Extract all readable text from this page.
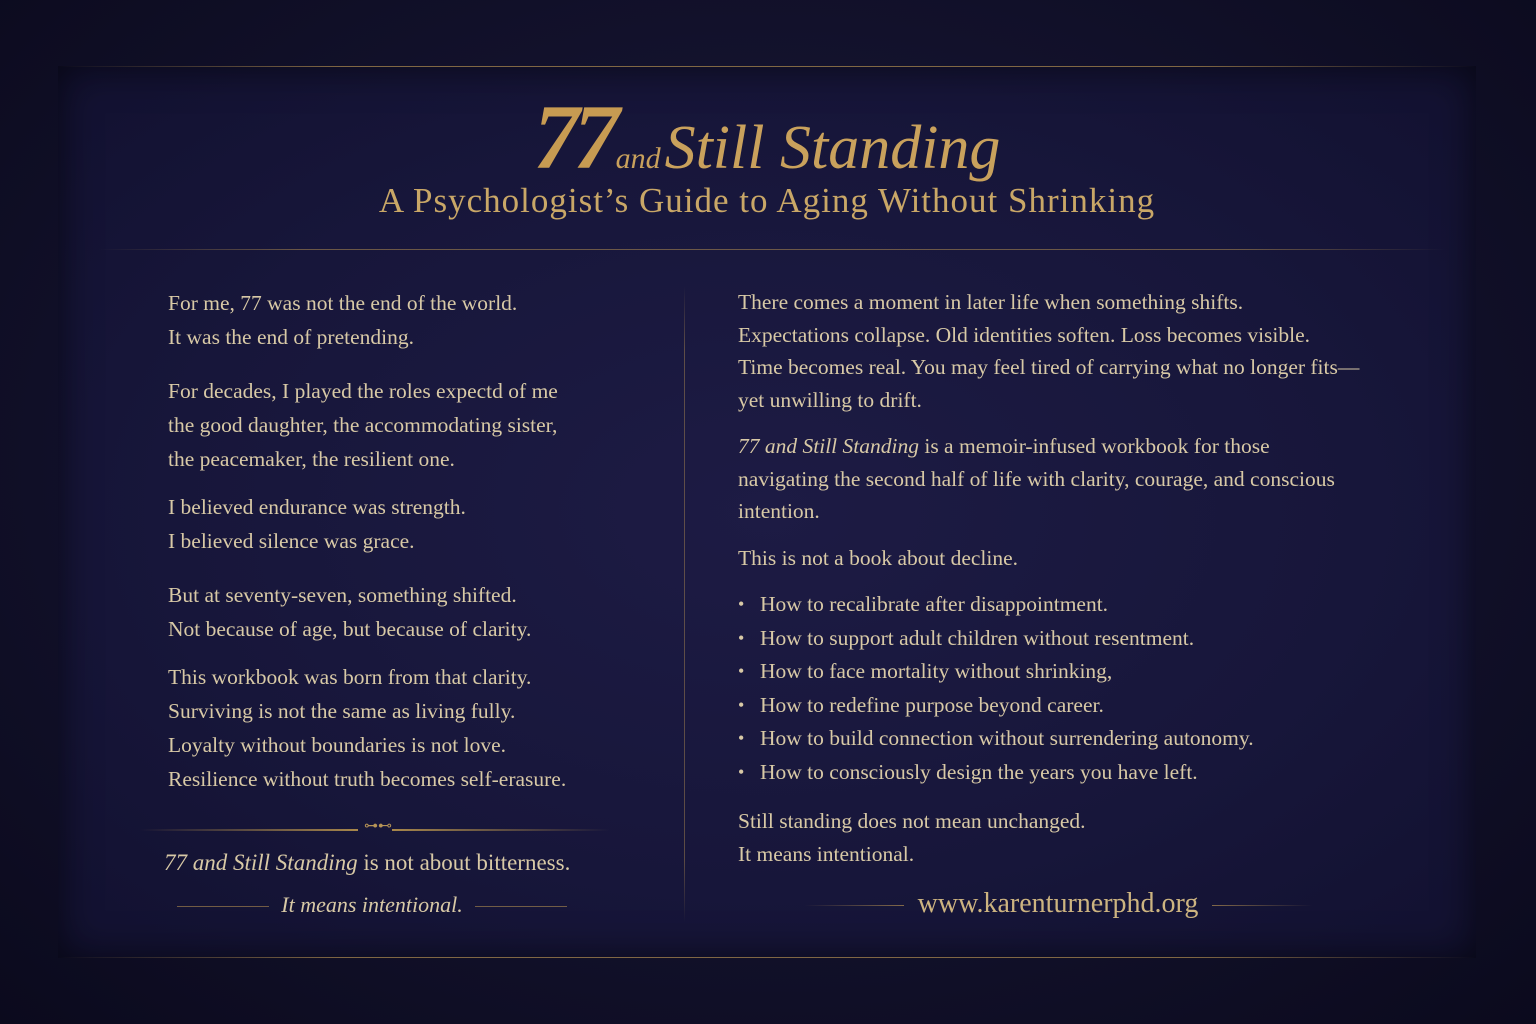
77andStill Standing
A Psychologist’s Guide to Aging Without Shrinking

For me, 77 was not the end of the world.
It was the end of pretending.

For decades, I played the roles expectd of me
the good daughter, the accommodating sister,
the peacemaker, the resilient one.

I believed endurance was strength.
I believed silence was grace.

But at seventy-seven, something shifted.
Not because of age, but because of clarity.

This workbook was born from that clarity.
Surviving is not the same as living fully.
Loyalty without boundaries is not love.
Resilience without truth becomes self-erasure.

⊶⊷
77 and Still Standing is not about bitterness.
It means intentional.

There comes a moment in later life when something shifts.
Expectations collapse. Old identities soften. Loss becomes visible.
Time becomes real. You may feel tired of carrying what no longer fits—
yet unwilling to drift.

77 and Still Standing is a memoir-infused workbook for those
navigating the second half of life with clarity, courage, and conscious
intention.

This is not a book about decline.

• How to recalibrate after disappointment.
• How to support adult children without resentment.
• How to face mortality without shrinking,
• How to redefine purpose beyond career.
• How to build connection without surrendering autonomy.
• How to consciously design the years you have left.

Still standing does not mean unchanged.
It means intentional.

www.karenturnerphd.org
